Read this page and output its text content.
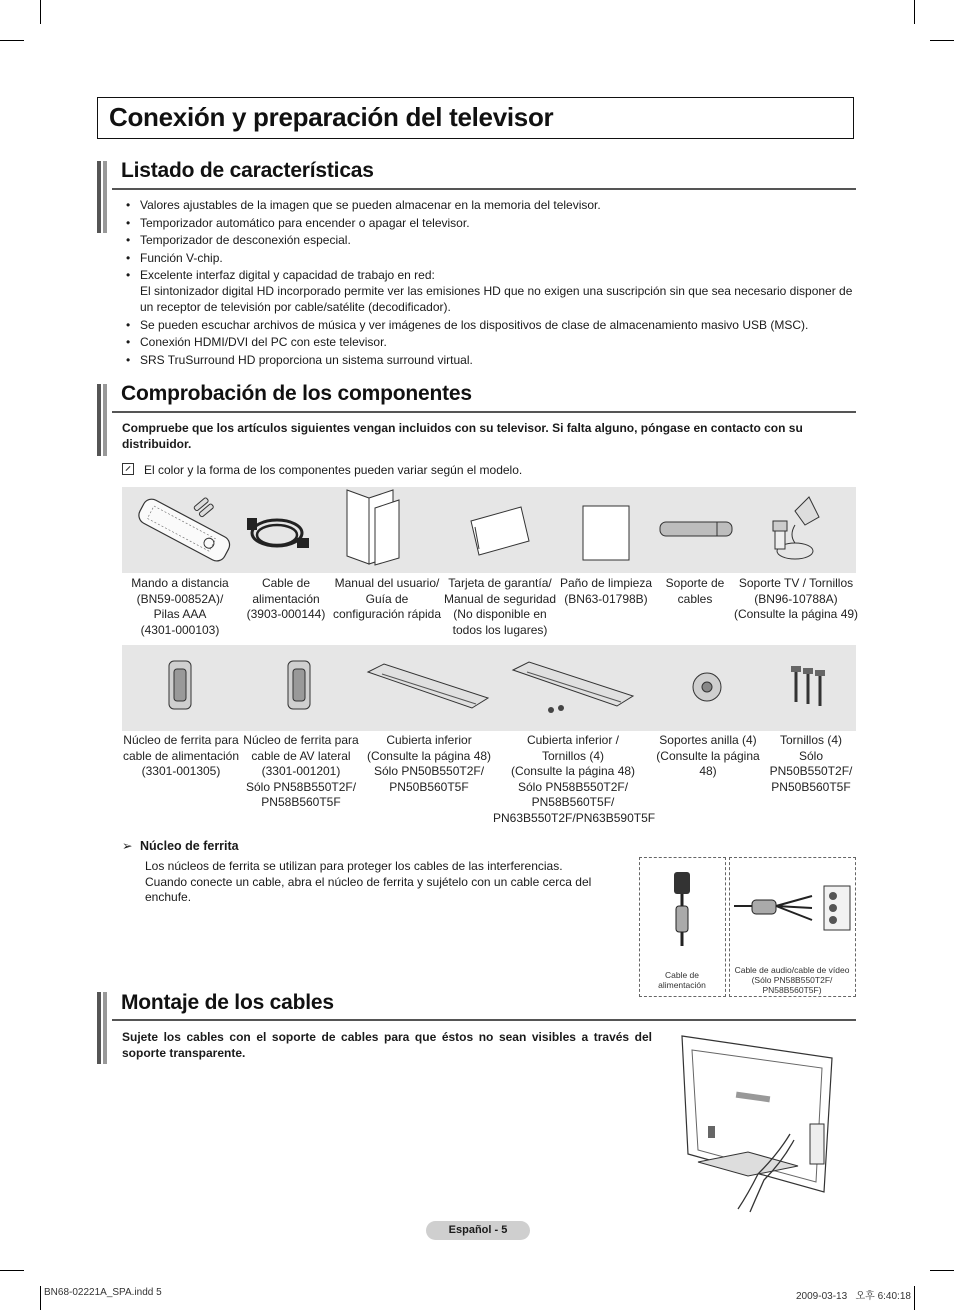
Conexión y preparación del televisor
Listado de características
• Valores ajustables de la imagen que se pueden almacenar en la memoria del televisor.
• Temporizador automático para encender o apagar el televisor.
• Temporizador de desconexión especial.
• Función V-chip.
• Excelente interfaz digital y capacidad de trabajo en red:
El sintonizador digital HD incorporado permite ver las emisiones HD que no exigen una suscripción sin que sea necesario disponer de un receptor de televisión por cable/satélite (decodificador).
• Se pueden escuchar archivos de música y ver imágenes de los dispositivos de clase de almacenamiento masivo USB (MSC).
• Conexión HDMI/DVI del PC con este televisor.
• SRS TruSurround HD proporciona un sistema surround virtual.
Comprobación de los componentes
Compruebe que los artículos siguientes vengan incluidos con su televisor. Si falta alguno, póngase en contacto con su distribuidor.
El color y la forma de los componentes pueden variar según el modelo.
Mando a distancia
(BN59-00852A)/
Pilas AAA
(4301-000103)
Cable de
alimentación
(3903-000144)
Manual del usuario/
Guía de
configuración rápida
Tarjeta de garantía/
Manual de seguridad
(No disponible en
todos los lugares)
Paño de limpieza
(BN63-01798B)
Soporte de
cables
Soporte TV / Tornillos
(BN96-10788A)
(Consulte la página 49)
Núcleo de ferrita para
cable de alimentación
(3301-001305)
Núcleo de ferrita para
cable de AV lateral
(3301-001201)
Sólo PN58B550T2F/
PN58B560T5F
Cubierta inferior
(Consulte la página 48)
Sólo PN50B550T2F/
PN50B560T5F
Cubierta inferior /
Tornillos (4)
(Consulte la página 48)
Sólo PN58B550T2F/
PN58B560T5F/
PN63B550T2F/PN63B590T5F
Soportes anilla (4)
(Consulte la página
48)
Tornillos (4)
Sólo
PN50B550T2F/
PN50B560T5F
➢ Núcleo de ferrita
Los núcleos de ferrita se utilizan para proteger los cables de las interferencias.
Cuando conecte un cable, abra el núcleo de ferrita y sujételo con un cable cerca del enchufe.
Cable de
alimentación
Cable de audio/cable de vídeo
(Sólo PN58B550T2F/
PN58B560T5F)
Montaje de los cables
Sujete los cables con el soporte de cables para que éstos no sean visibles a través del soporte transparente.
Español - 5
BN68-02221A_SPA.indd 5	2009-03-13   오후 6:40:18
